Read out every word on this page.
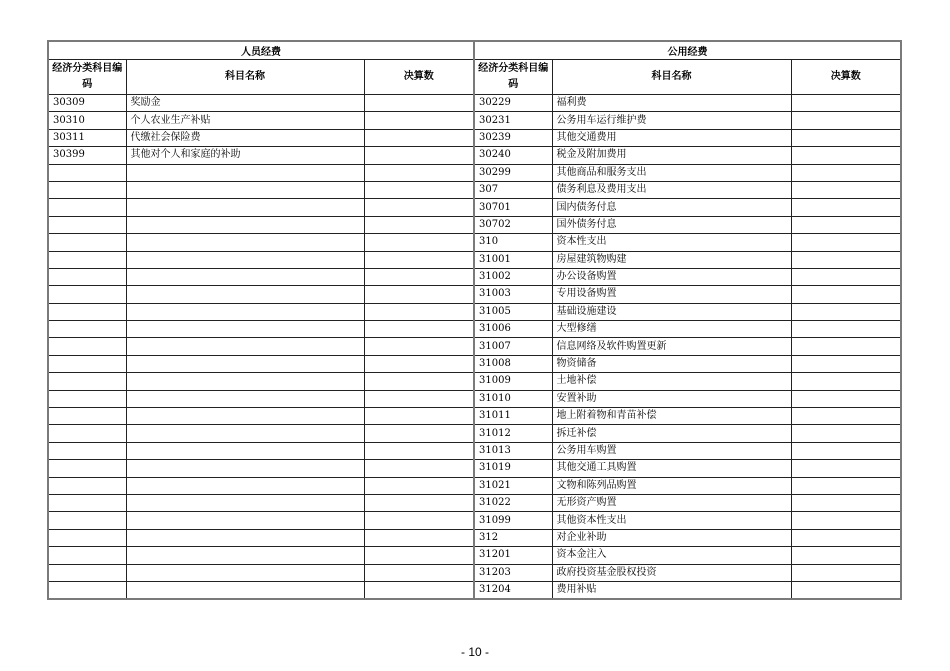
人员经费			公用经费		
经济分类科目编码	科目名称	决算数	经济分类科目编码	科目名称	决算数
30309	奖励金		30229	福利费	
30310	个人农业生产补贴		30231	公务用车运行维护费	
30311	代缴社会保险费		30239	其他交通费用	
30399	其他对个人和家庭的补助		30240	税金及附加费用	
			30299	其他商品和服务支出	
			307	债务利息及费用支出	
			30701	国内债务付息	
			30702	国外债务付息	
			310	资本性支出	
			31001	房屋建筑物购建	
			31002	办公设备购置	
			31003	专用设备购置	
			31005	基础设施建设	
			31006	大型修缮	
			31007	信息网络及软件购置更新	
			31008	物资储备	
			31009	土地补偿	
			31010	安置补助	
			31011	地上附着物和青苗补偿	
			31012	拆迁补偿	
			31013	公务用车购置	
			31019	其他交通工具购置	
			31021	文物和陈列品购置	
			31022	无形资产购置	
			31099	其他资本性支出	
			312	对企业补助	
			31201	资本金注入	
			31203	政府投资基金股权投资	
			31204	费用补贴	
- 10 -
